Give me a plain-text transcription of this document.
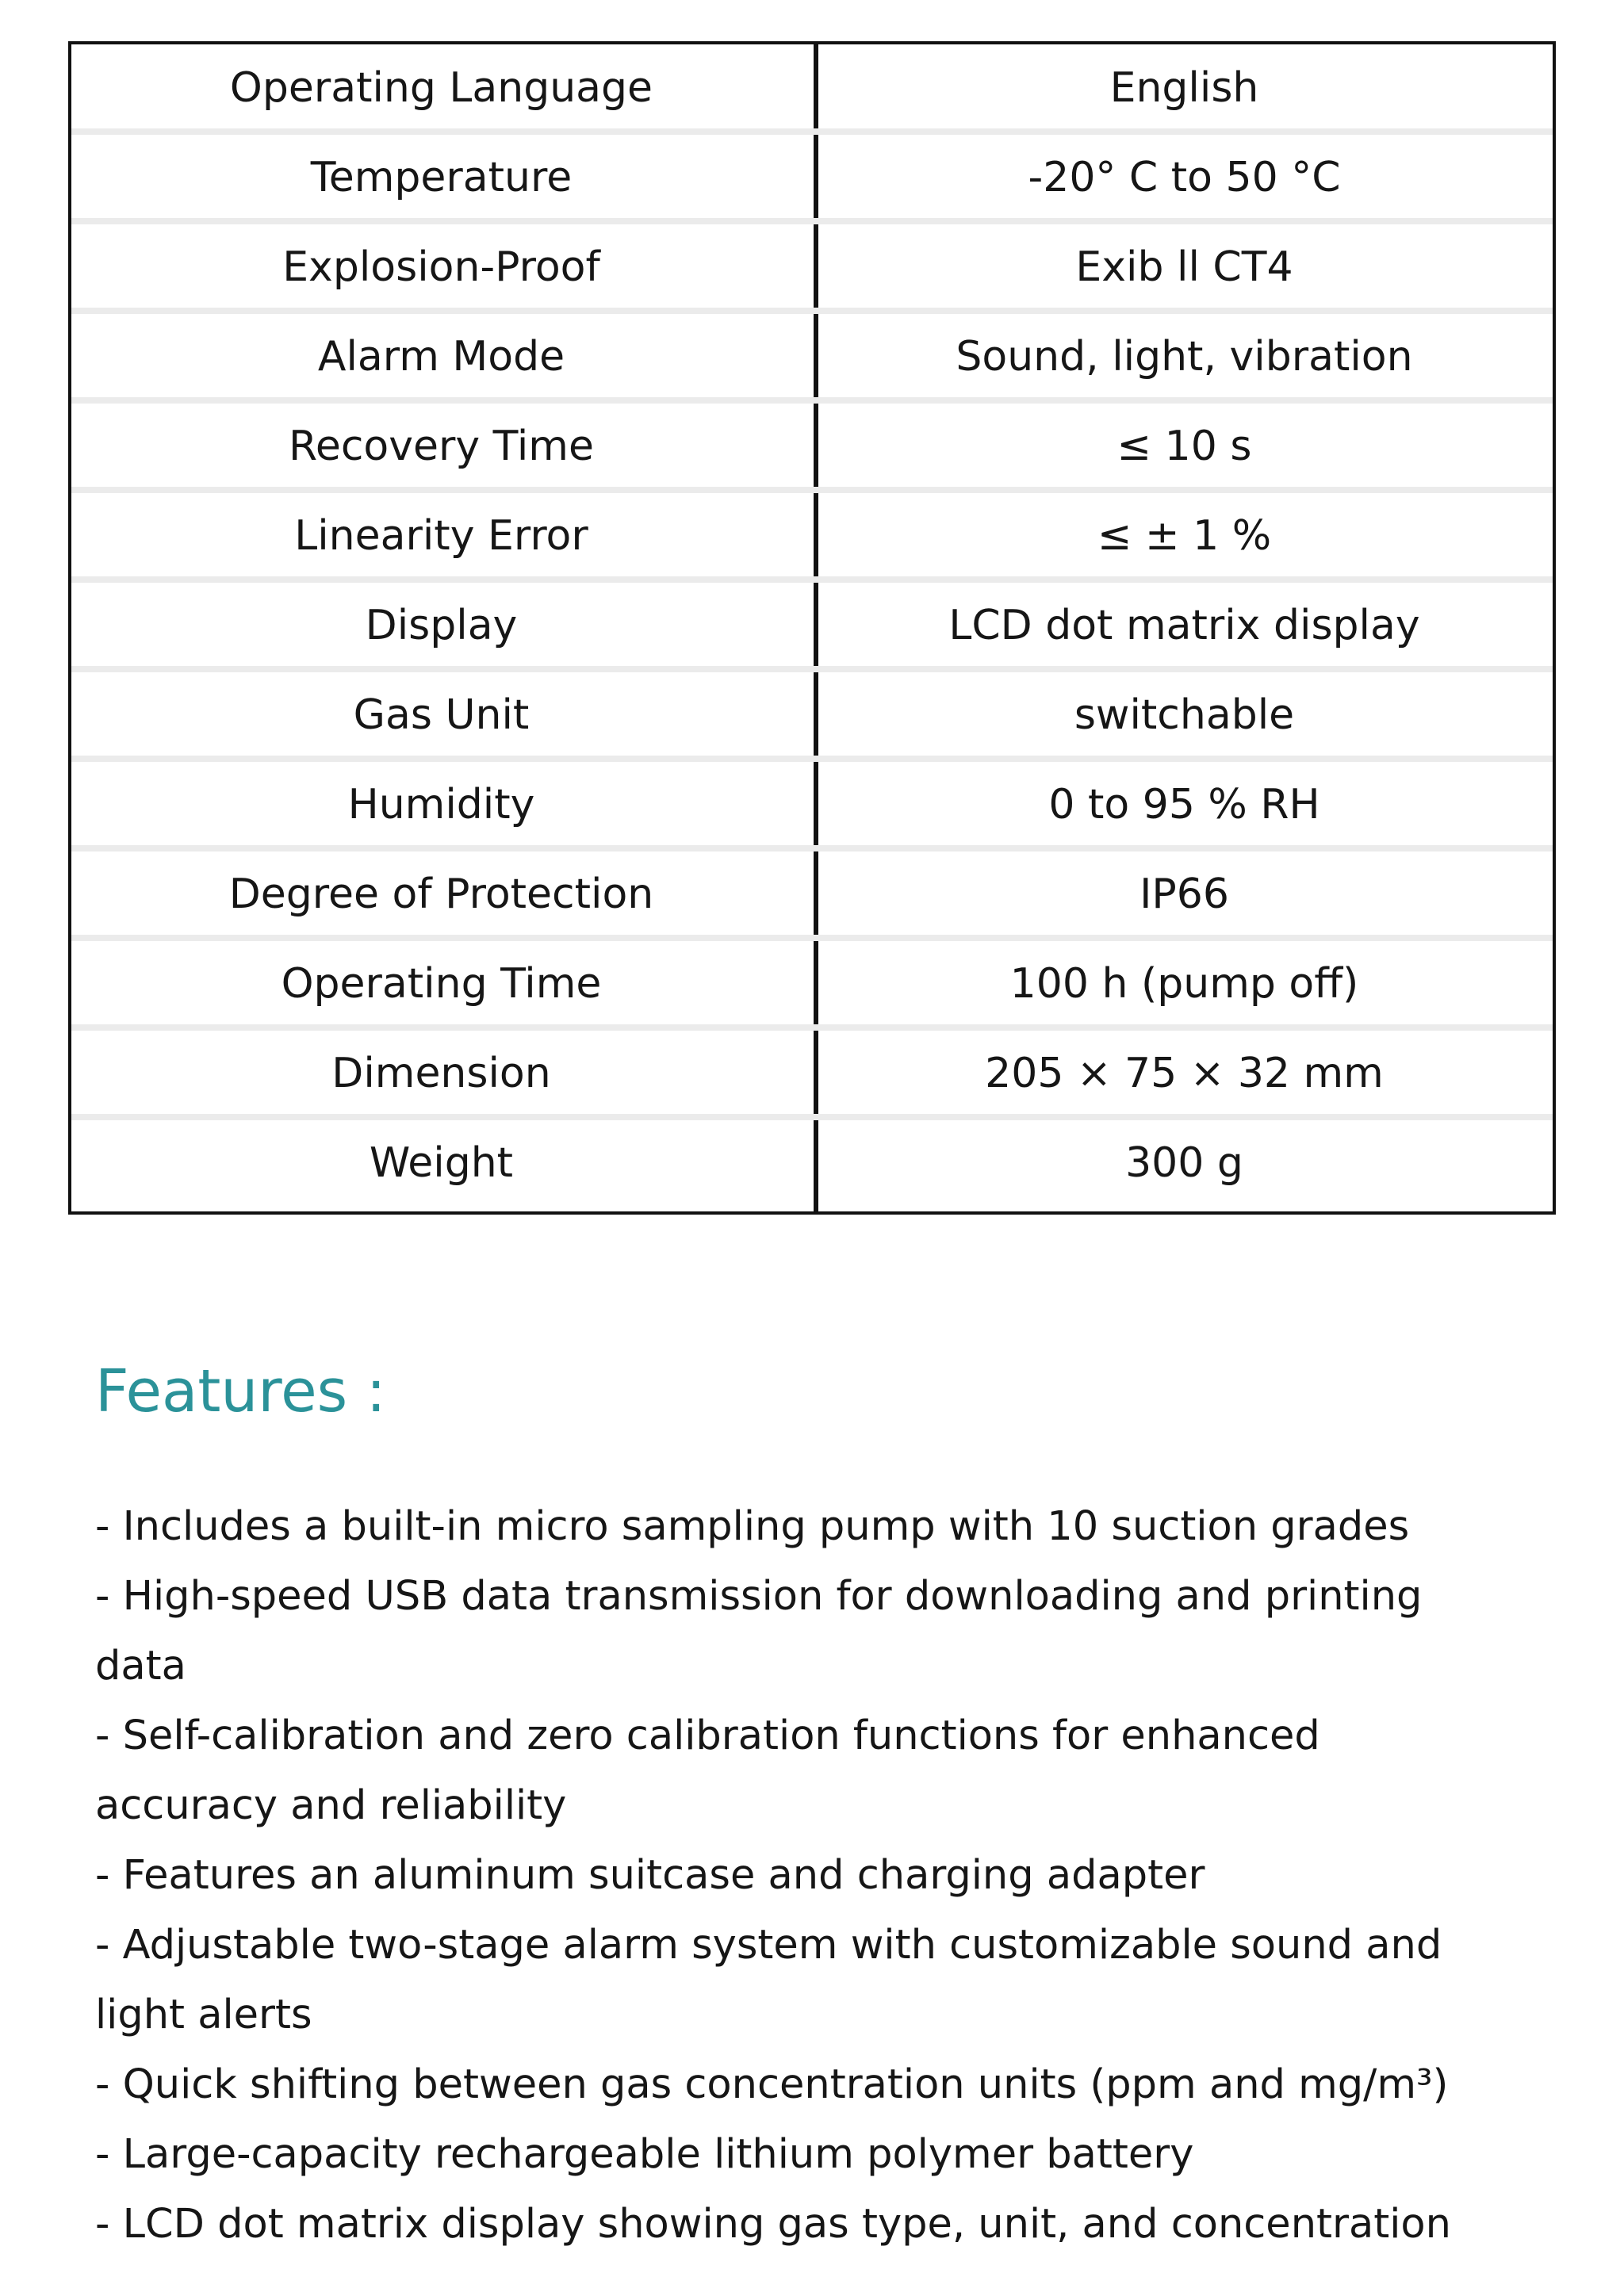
Operating Language	English
Temperature	-20° C to 50 °C
Explosion-Proof	Exib ll CT4
Alarm Mode	Sound, light, vibration
Recovery Time	≤ 10 s
Linearity Error	≤ ± 1 %
Display	LCD dot matrix display
Gas Unit	switchable
Humidity	0 to 95 % RH
Degree of Protection	IP66
Operating Time	100 h (pump off)
Dimension	205 × 75 × 32 mm
Weight	300 g
Features :
- Includes a built-in micro sampling pump with 10 suction grades
- High-speed USB data transmission for downloading and printing data
- Self-calibration and zero calibration functions for enhanced accuracy and reliability
- Features an aluminum suitcase and charging adapter
- Adjustable two-stage alarm system with customizable sound and light alerts
- Quick shifting between gas concentration units (ppm and mg/m³)
- Large-capacity rechargeable lithium polymer battery
- LCD dot matrix display showing gas type, unit, and concentration
